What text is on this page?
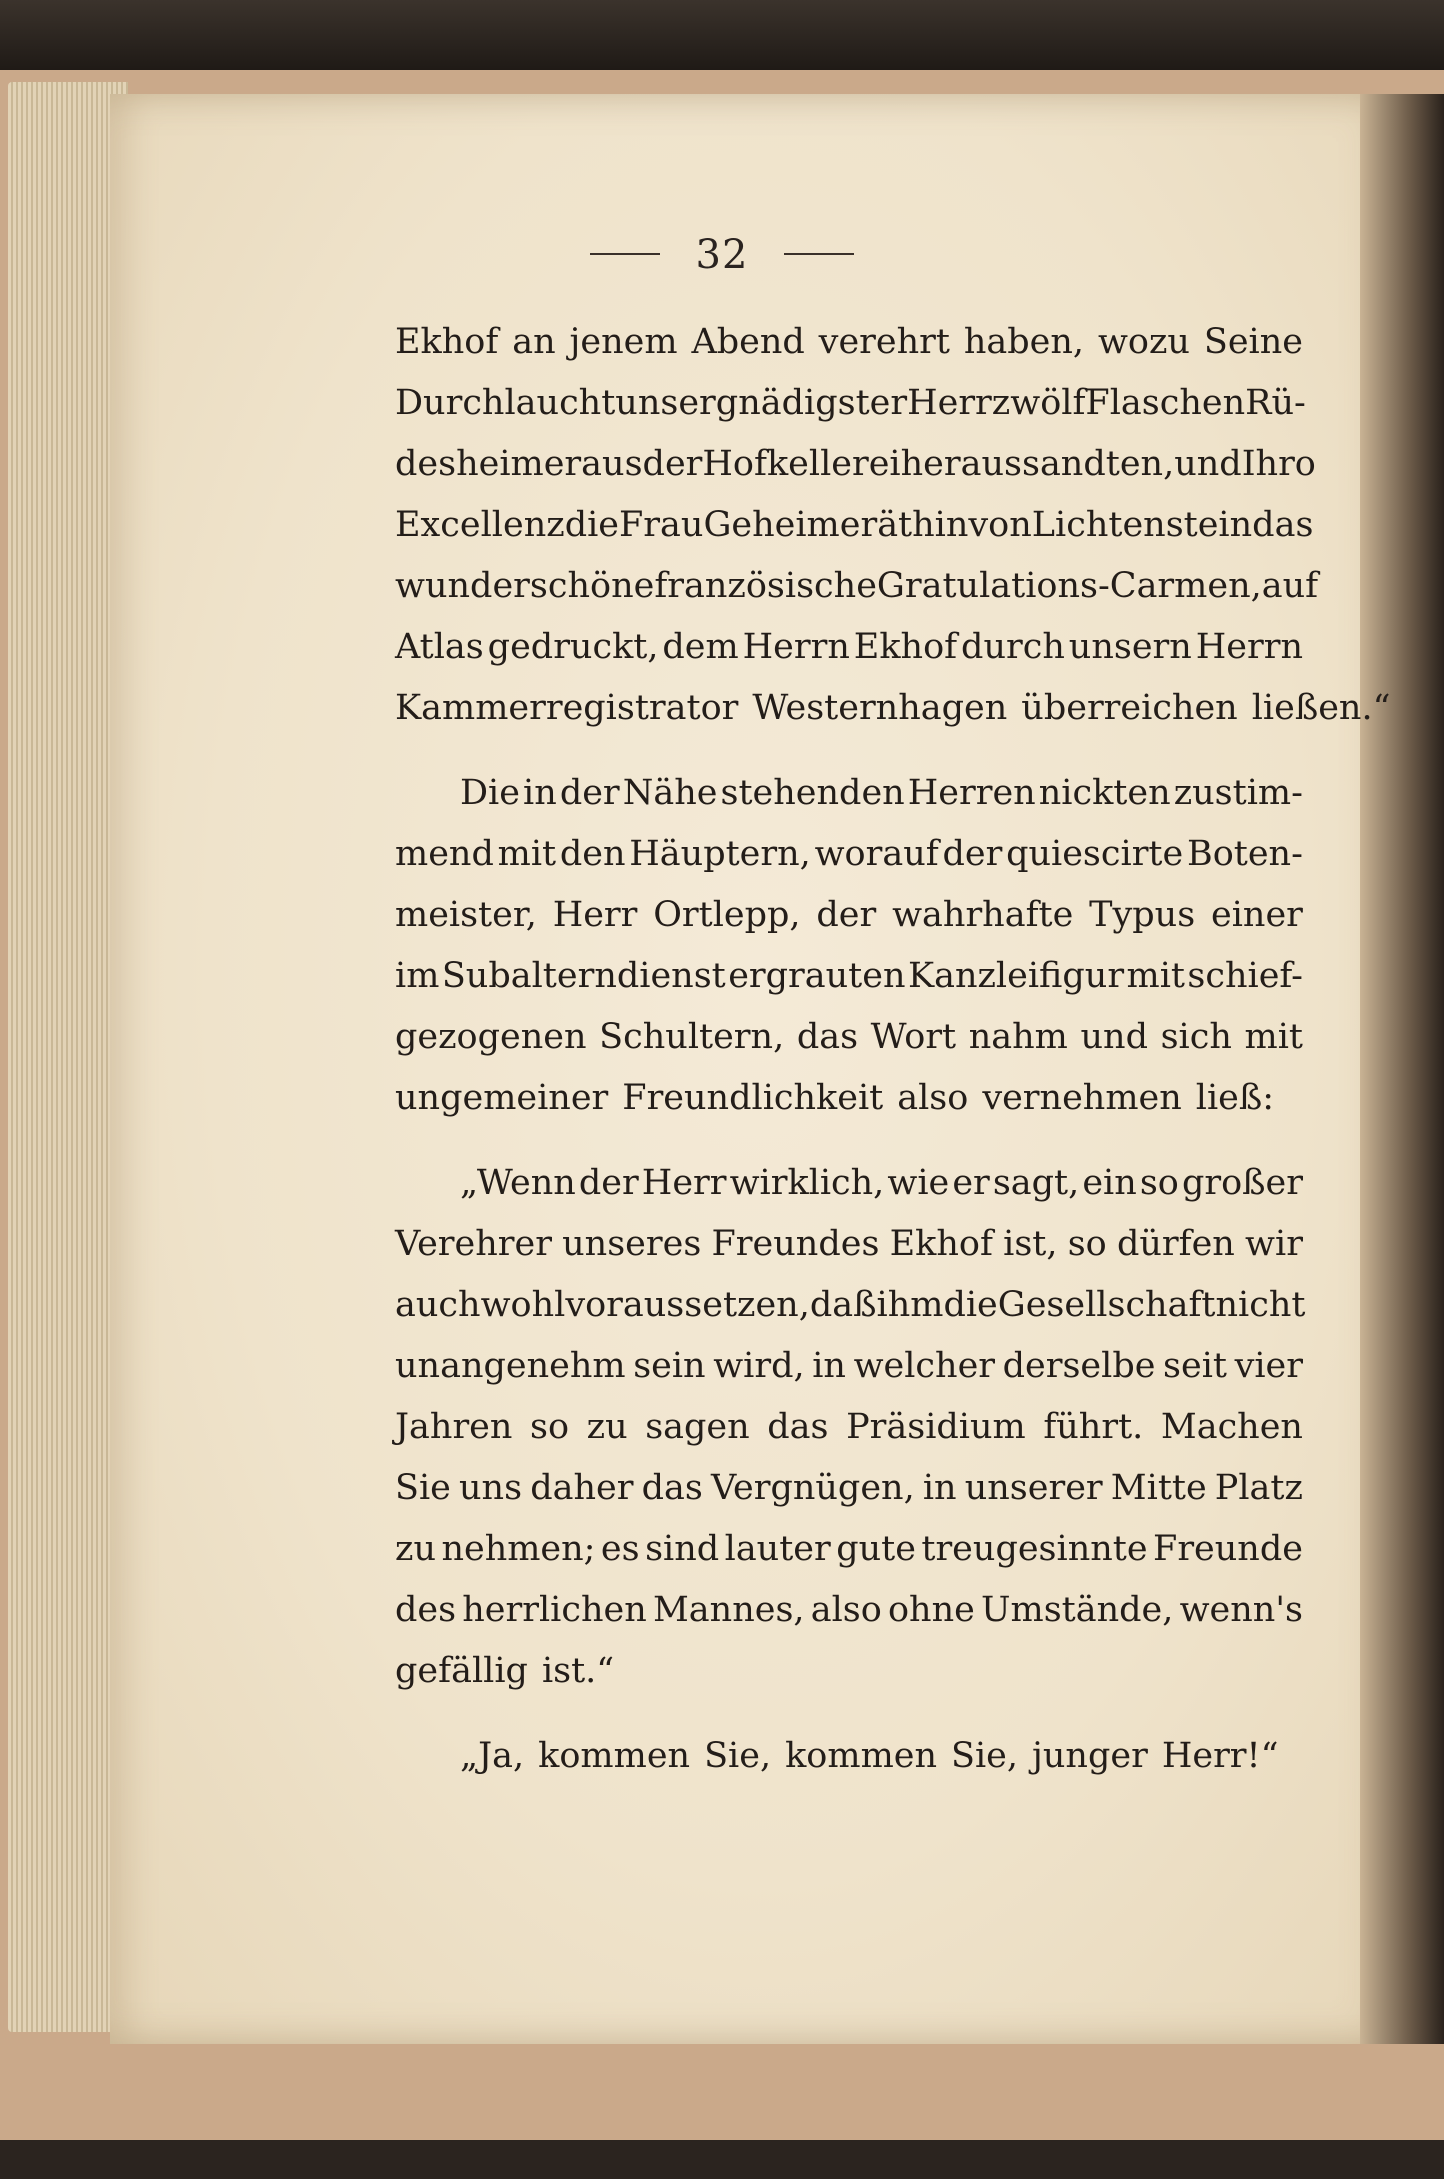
32
Ekhof an jenem Abend verehrt haben, wozu Seine
Durchlaucht unser gnädigster Herr zwölf Flaschen Rü-
desheimer aus der Hofkellerei heraussandten, und Ihro
Excellenz die Frau Geheimeräthin von Lichtenstein das
wunderschöne französische Gratulations-Carmen, auf
Atlas gedruckt, dem Herrn Ekhof durch unsern Herrn
Kammerregistrator Westernhagen überreichen ließen.“
Die in der Nähe stehenden Herren nickten zustim-
mend mit den Häuptern, worauf der quiescirte Boten-
meister, Herr Ortlepp, der wahrhafte Typus einer
im Subalterndienst ergrauten Kanzleifigur mit schief-
gezogenen Schultern, das Wort nahm und sich mit
ungemeiner Freundlichkeit also vernehmen ließ:
„Wenn der Herr wirklich, wie er sagt, ein so großer
Verehrer unseres Freundes Ekhof ist, so dürfen wir
auch wohl voraussetzen, daß ihm die Gesellschaft nicht
unangenehm sein wird, in welcher derselbe seit vier
Jahren so zu sagen das Präsidium führt. Machen
Sie uns daher das Vergnügen, in unserer Mitte Platz
zu nehmen; es sind lauter gute treugesinnte Freunde
des herrlichen Mannes, also ohne Umstände, wenn's
gefällig ist.“
„Ja, kommen Sie, kommen Sie, junger Herr!“
